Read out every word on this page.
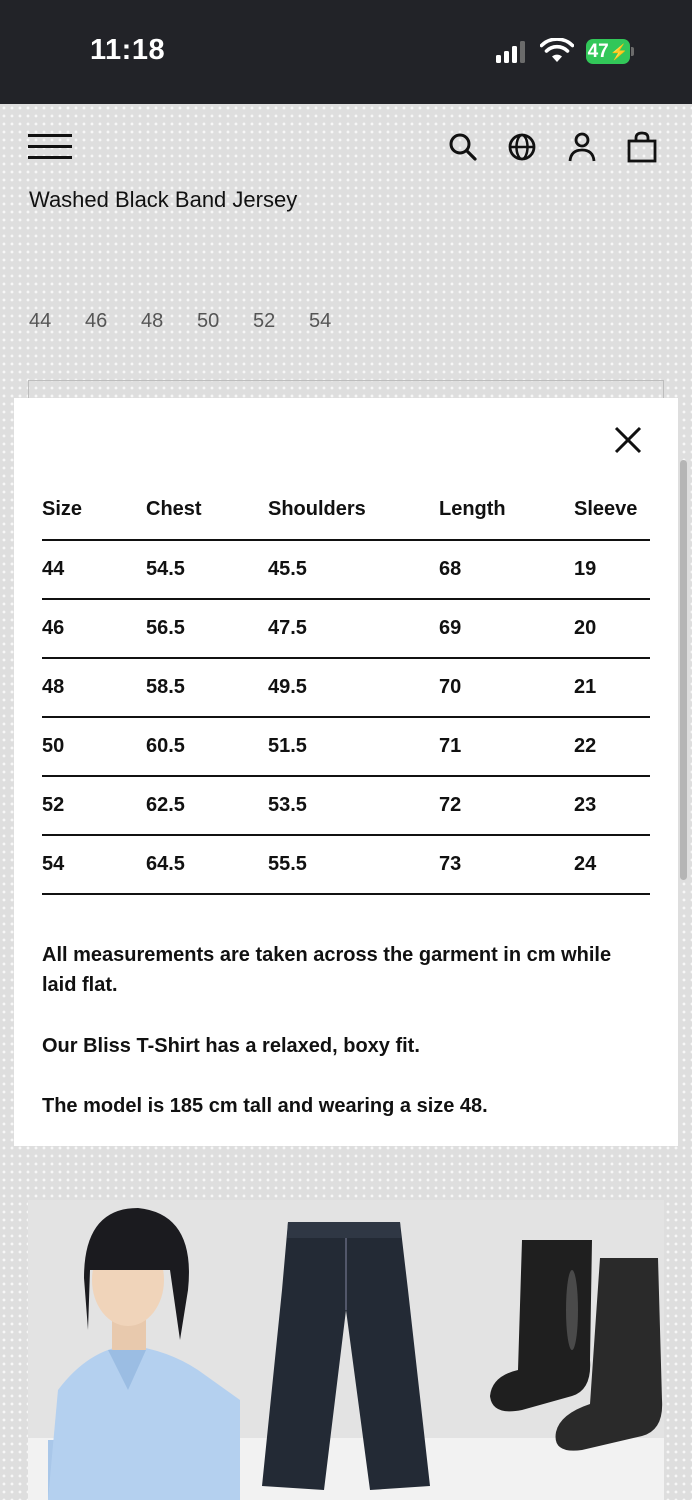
11:18	47 ⚡
Washed Black Band Jersey
44	46	48	50	52	54
Size	Chest	Shoulders	Length	Sleeve
44	54.5	45.5	68	19
46	56.5	47.5	69	20
48	58.5	49.5	70	21
50	60.5	51.5	71	22
52	62.5	53.5	72	23
54	64.5	55.5	73	24

All measurements are taken across the garment in cm while laid flat.

Our Bliss T-Shirt has a relaxed, boxy fit.

The model is 185 cm tall and wearing a size 48.
